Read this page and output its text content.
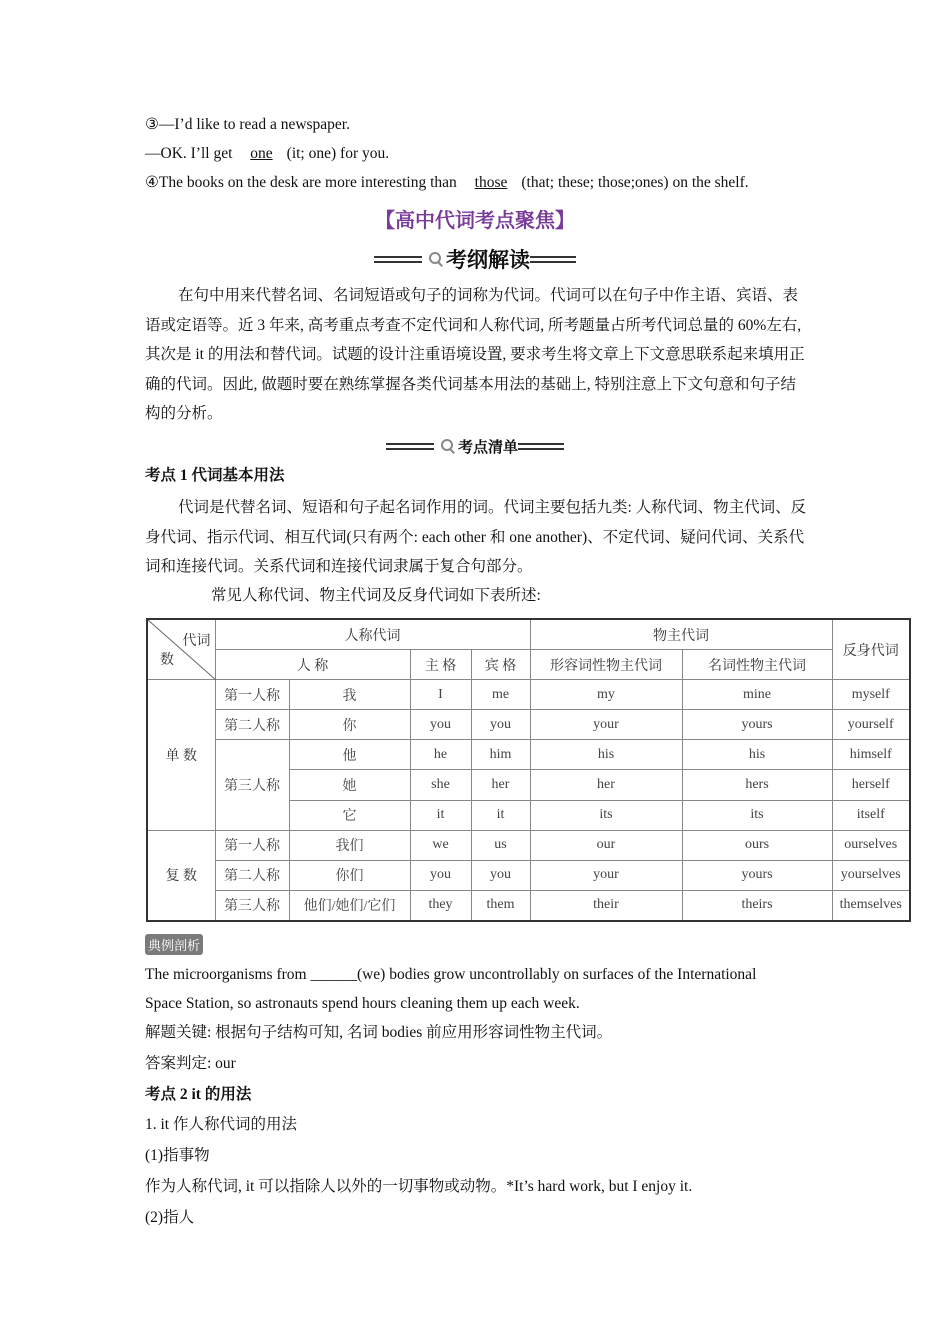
③—I’d like to read a newspaper.
—OK. I’ll get one (it; one) for you.
④The books on the desk are more interesting than those (that; these; those;ones) on the shelf.
【高中代词考点聚焦】
考纲解读
在句中用来代替名词、名词短语或句子的词称为代词。代词可以在句子中作主语、宾语、表语或定语等。近 3 年来, 高考重点考查不定代词和人称代词, 所考题量占所考代词总量的 60%左右, 其次是 it 的用法和替代词。试题的设计注重语境设置, 要求考生将文章上下文意思联系起来填用正确的代词。因此, 做题时要在熟练掌握各类代词基本用法的基础上, 特别注意上下文句意和句子结构的分析。
考点清单
考点 1 代词基本用法
代词是代替名词、短语和句子起名词作用的词。代词主要包括九类: 人称代词、物主代词、反身代词、指示代词、相互代词(只有两个: each other 和 one another)、不定代词、疑问代词、关系代词和连接代词。关系代词和连接代词隶属于复合句部分。
常见人称代词、物主代词及反身代词如下表所述:
代词
数	人称代词				物主代词		反身代词
	人 称		主 格	宾 格	形容词性物主代词	名词性物主代词	
单 数	第一人称	我	I	me	my	mine	myself
	第二人称	你	you	you	your	yours	yourself
	第三人称	他	he	him	his	his	himself
		她	she	her	her	hers	herself
		它	it	it	its	its	itself
复 数	第一人称	我们	we	us	our	ours	ourselves
	第二人称	你们	you	you	your	yours	yourselves
	第三人称	他们/她们/它们	they	them	their	theirs	themselves
典例剖析
The microorganisms from ______(we) bodies grow uncontrollably on surfaces of the International
Space Station, so astronauts spend hours cleaning them up each week.
解题关键: 根据句子结构可知, 名词 bodies 前应用形容词性物主代词。
答案判定: our
考点 2 it 的用法
1. it 作人称代词的用法
(1)指事物
作为人称代词, it 可以指除人以外的一切事物或动物。*It’s hard work, but I enjoy it.
(2)指人
